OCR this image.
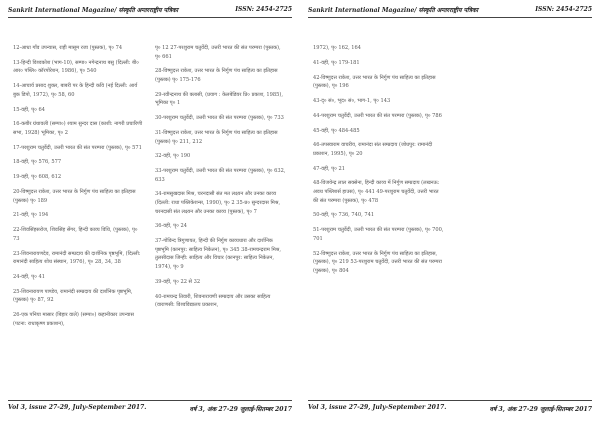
Sankrit International Magazine/ संस्कृति अन्तरराष्ट्रीय पत्रिका	ISSN: 2454-2725

12-आधा गाँव उपन्यास, राही मासूम रजा (पुस्तक), पृ० 74

13-हिन्दी विश्वकोश (भाग-10), सम्पा० नगेन्द्रनाथ बसु (दिल्ली: बी० आर० पब्लि० कॉरपोरेशन, 1986), पृ० 540

14-आचार्य प्रसाद शुक्ल, बाबरी पर के हिन्दी कवि (नई दिल्ली: आर्य बुक डिपो, 1972), पृ० 58, 60

15-वही, पृ० 64

16-कबीर ग्रंथावली (सम्पा०) श्याम सुन्दर दास (काशी: नागरी प्रचारिणी सभा, 1928) भूमिका, पृ० 2

17-परशुराम चतुर्वेदी, उत्तरी भारत की संत परम्परा (पुस्तक), पृ० 571

18-वही, पृ० 576, 577

19-वही, पृ० 608, 612

20-विष्णुदत्त राकेश, उत्तर भारत के निर्गुण पंथ साहित्य का इतिहास (पुस्तक) पृ० 189

21-वही, पृ० 194

22-शिवसिंहसरोज, शिवसिंह सेंगर, हिन्दी काव्य विधि, (पुस्तक), पृ० 73

23-शिवनारायणदेव, रामानंदी सम्प्रदाय की दार्शनिक पृष्ठभूमि, (दिल्ली: रामानंदी साहित्य शोध संस्थान, 1976), पृ० 28, 34, 38

24-वही, पृ० 41

25-शिवनारायण पाण्डेय, रामानंदी सम्प्रदाय की दार्शनिक पृष्ठभूमि, (पुस्तक) पृ० 87, 92

26-एक पनिया मासार (बिहार वाले) (सम्पा०) कहानीकार उपन्यास (पटना: राधाकृष्ण प्रकाशन),

पृ० 12 27-परशुराम चतुर्वेदी, उत्तरी भारत की संत परम्परा (पुस्तक), पृ० 661

28-विष्णुदत्त राकेश, उत्तर भारत के निर्गुण पंथ साहित्य का इतिहास (पुस्तक) पृ० 175-176

29-रवीन्द्रनाथ की क्लासी, (प्रयाग : केलबेडियर प्रि० प्रकाश, 1985), भूमिका पृ० 1

30-परशुराम चतुर्वेदी, उत्तरी भारत की संत परम्परा (पुस्तक), पृ० 733

31-विष्णुदत्त राकेश, उत्तर भारत के निर्गुण पंथ साहित्य का इतिहास (पुस्तक) पृ० 211, 212

32-वही, पृ० 190

33-परशुराम चतुर्वेदी, उत्तरी भारत की संत परम्परा (पुस्तक), पृ० 632, 633

34-रामसुखदास मिश्र, चरनदासी संत मत लक्ष्यन और उनका काव्य (दिल्ली: राधा पब्लिकेशन्स, 1990), पृ० 2 35-प्र० सुन्दरदास मिश्र, चरनदासी संत लक्ष्यन और उनका काव्य (पुस्तक), पृ० 7

36-वही, पृ० 24

37-गोविन्द त्रिगुणायत, हिन्दी की निर्गुण काव्यधारा और दार्शनिक पृष्ठभूमि (कानपुर: साहित्य निकेतन), पृ० 345 38-रामचन्द्रराम मिश्र, तुलसीदास जिन्ही: साहित्य और विचार (कानपुर: साहित्य निकेतन, 1974), पृ० 9

39-वही, पृ० 22 से 32

40-रामचन्द्र तिवारी, शिवनारायणी सम्प्रदाय और उसका साहित्य (वाराणसी: विश्वविद्यालय प्रकाशन,

Vol 3, issue 27-29, July-September 2017.	वर्ष 3, अंक 27-29 जुलाई-सितम्बर 2017
Sankrit International Magazine/ संस्कृति अन्तरराष्ट्रीय पत्रिका	ISSN: 2454-2725

1972), पृ० 162, 164

41-वही, पृ० 179-181

42-विष्णुदत्त राकेश, उत्तर भारत के निर्गुण पंथ साहित्य का इतिहास (पुस्तक), पृ० 196

43-दृ० सं०, भूद० सं०, भाग-1, पृ० 143

44-परशुराम चतुर्वेदी, उत्तरी भारत की संत परम्परा (पुस्तक), पृ० 786

45-वही, पृ० 484-485

46-तपस्वाराम वाचरीय, रामानंदा संत सम्प्रदाय (जोधपुर: रामानंदी प्रकाशन, 1995), पृ० 20

47-वही, पृ० 21

48-विजयेन्द्र लाल सक्सेना, हिन्दी काव्य में निर्गुण सम्प्रदाय (लखनऊ: अवध पब्लिशर्स हाउस), पृ० 441 49-परशुराम चतुर्वेदी, उत्तरी भारत की संत परम्परा (पुस्तक), पृ० 478

50-वही, पृ० 736, 740, 741

51-परशुराम चतुर्वेदी, उत्तरी भारत की संत परम्परा (पुस्तक), पृ० 700, 701

52-विष्णुदत्त राकेश, उत्तर भारत के निर्गुण पंथ साहित्य का इतिहास, (पुस्तक), पृ० 219 53-परशुराम चतुर्वेदी, उत्तरी भारत की संत परम्परा (पुस्तक), पृ० 804

Vol 3, issue 27-29, July-September 2017.	वर्ष 3, अंक 27-29 जुलाई-सितम्बर 2017
